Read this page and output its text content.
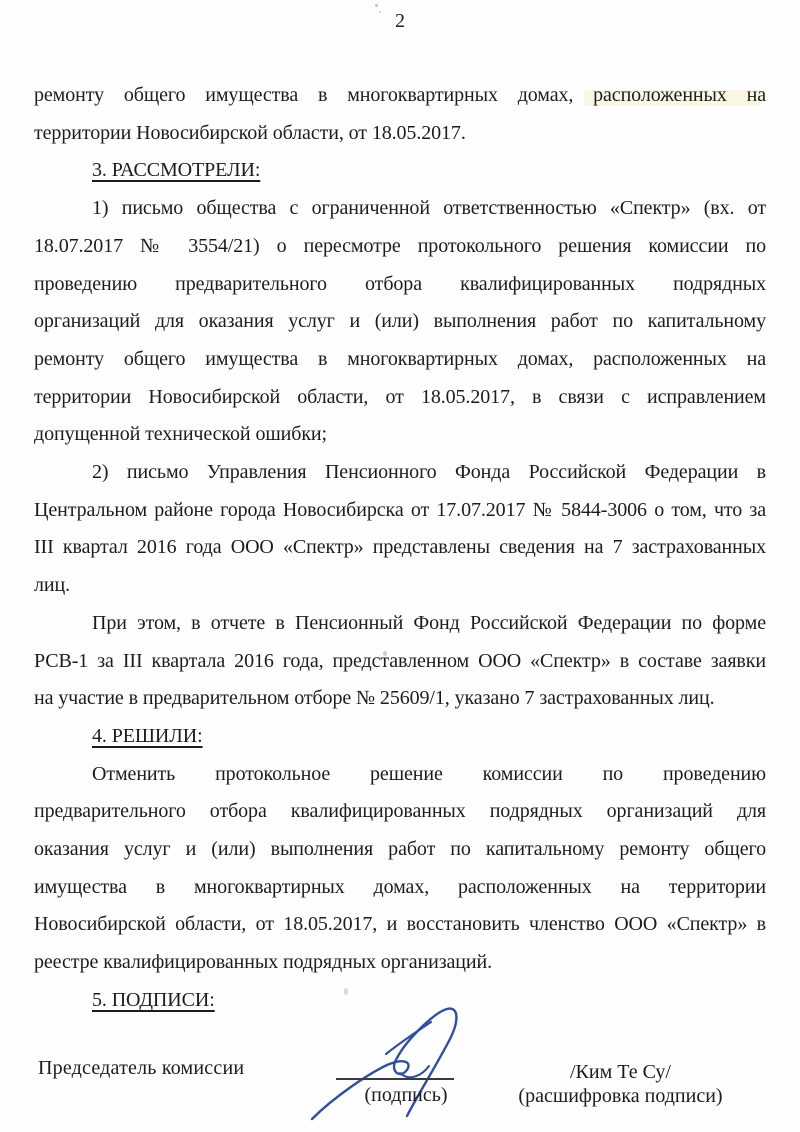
2
ремонту общего имущества в многоквартирных домах, расположенных на
территории Новосибирской области, от 18.05.2017.
3. РАССМОТРЕЛИ:
1) письмо общества с ограниченной ответственностью «Спектр» (вх. от
18.07.2017 № 3554/21) о пересмотре протокольного решения комиссии по
проведению предварительного отбора квалифицированных подрядных
организаций для оказания услуг и (или) выполнения работ по капитальному
ремонту общего имущества в многоквартирных домах, расположенных на
территории Новосибирской области, от 18.05.2017, в связи с исправлением
допущенной технической ошибки;
2) письмо Управления Пенсионного Фонда Российской Федерации в
Центральном районе города Новосибирска от 17.07.2017 № 5844-3006 о том, что за
III квартал 2016 года ООО «Спектр» представлены сведения на 7 застрахованных
лиц.
При этом, в отчете в Пенсионный Фонд Российской Федерации по форме
РСВ-1 за III квартала 2016 года, представленном ООО «Спектр» в составе заявки
на участие в предварительном отборе № 25609/1, указано 7 застрахованных лиц.
4. РЕШИЛИ:
Отменить протокольное решение комиссии по проведению
предварительного отбора квалифицированных подрядных организаций для
оказания услуг и (или) выполнения работ по капитальному ремонту общего
имущества в многоквартирных домах, расположенных на территории
Новосибирской области, от 18.05.2017, и восстановить членство ООО «Спектр» в
реестре квалифицированных подрядных организаций.
5. ПОДПИСИ:
Председатель комиссии
(подпись)
/Ким Те Су/
(расшифровка подписи)
